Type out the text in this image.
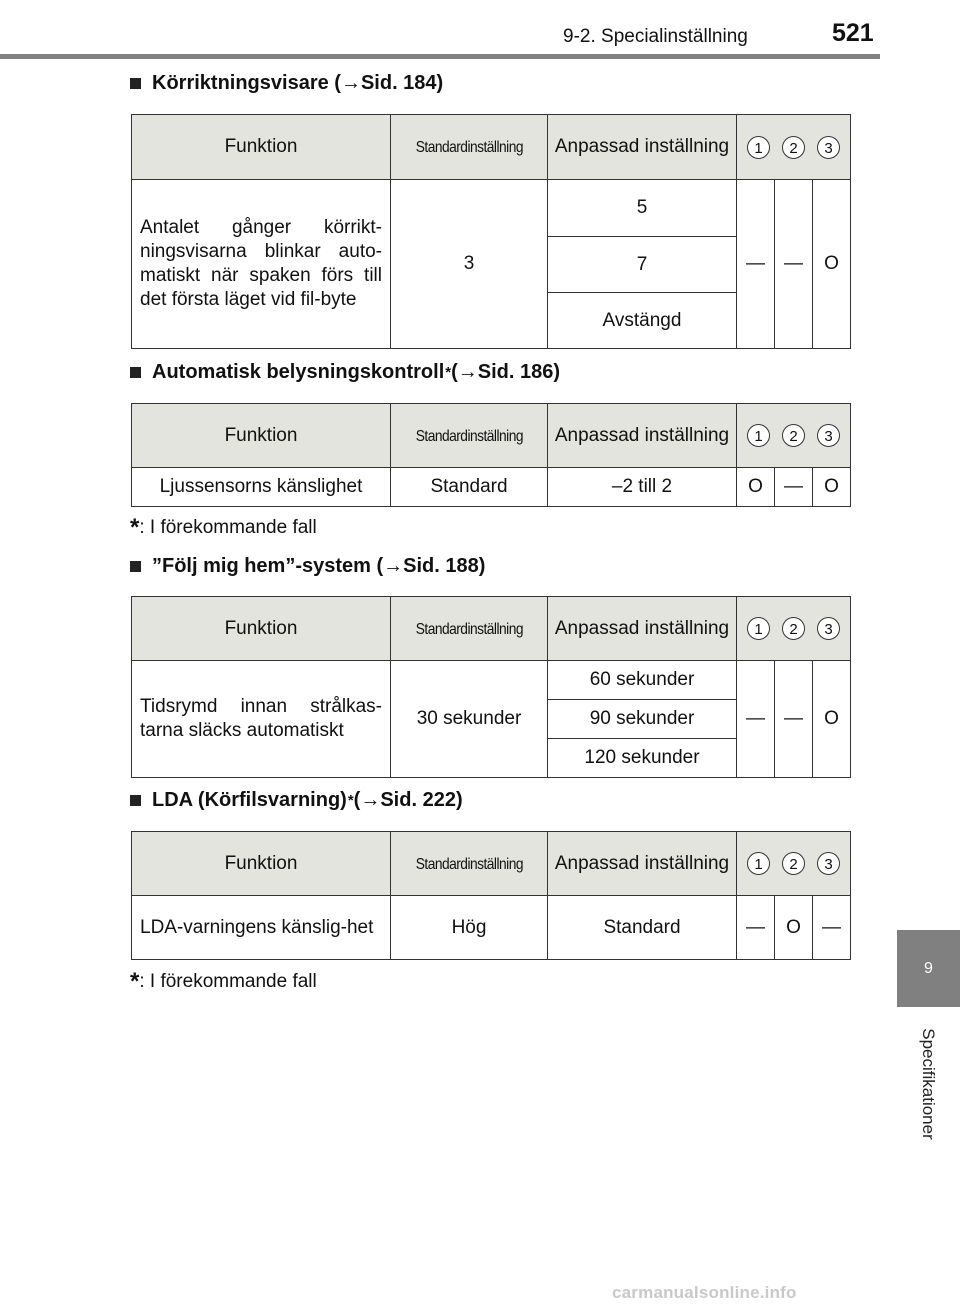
9-2. Specialinställning	521
9
Specifikationer
Körriktningsvisare ( → Sid. 184)
Funktion	Standardinställning	Anpassad inställning	1 2 3		

Antalet gånger körrikt-ningsvisarna blinkar auto-matiskt när spaken förs till det första läget vid fil-byte	3	5	—	—	O
		7			
		Avstängd			
Automatisk belysningskontroll * ( → Sid. 186)
Funktion	Standardinställning	Anpassad inställning	1 2 3		

Ljussensorns känslighet	Standard	–2 till 2	O	—	O
*: I förekommande fall
”Följ mig hem”-system ( → Sid. 188)
Funktion	Standardinställning	Anpassad inställning	1 2 3		

Tidsrymd innan strålkas-tarna släcks automatiskt	30 sekunder	60 sekunder	—	—	O
		90 sekunder			
		120 sekunder			
LDA (Körfilsvarning) * ( → Sid. 222)
Funktion	Standardinställning	Anpassad inställning	1 2 3		

LDA-varningens känslig-het	Hög	Standard	—	O	—
*: I förekommande fall
carmanualsonline.info
